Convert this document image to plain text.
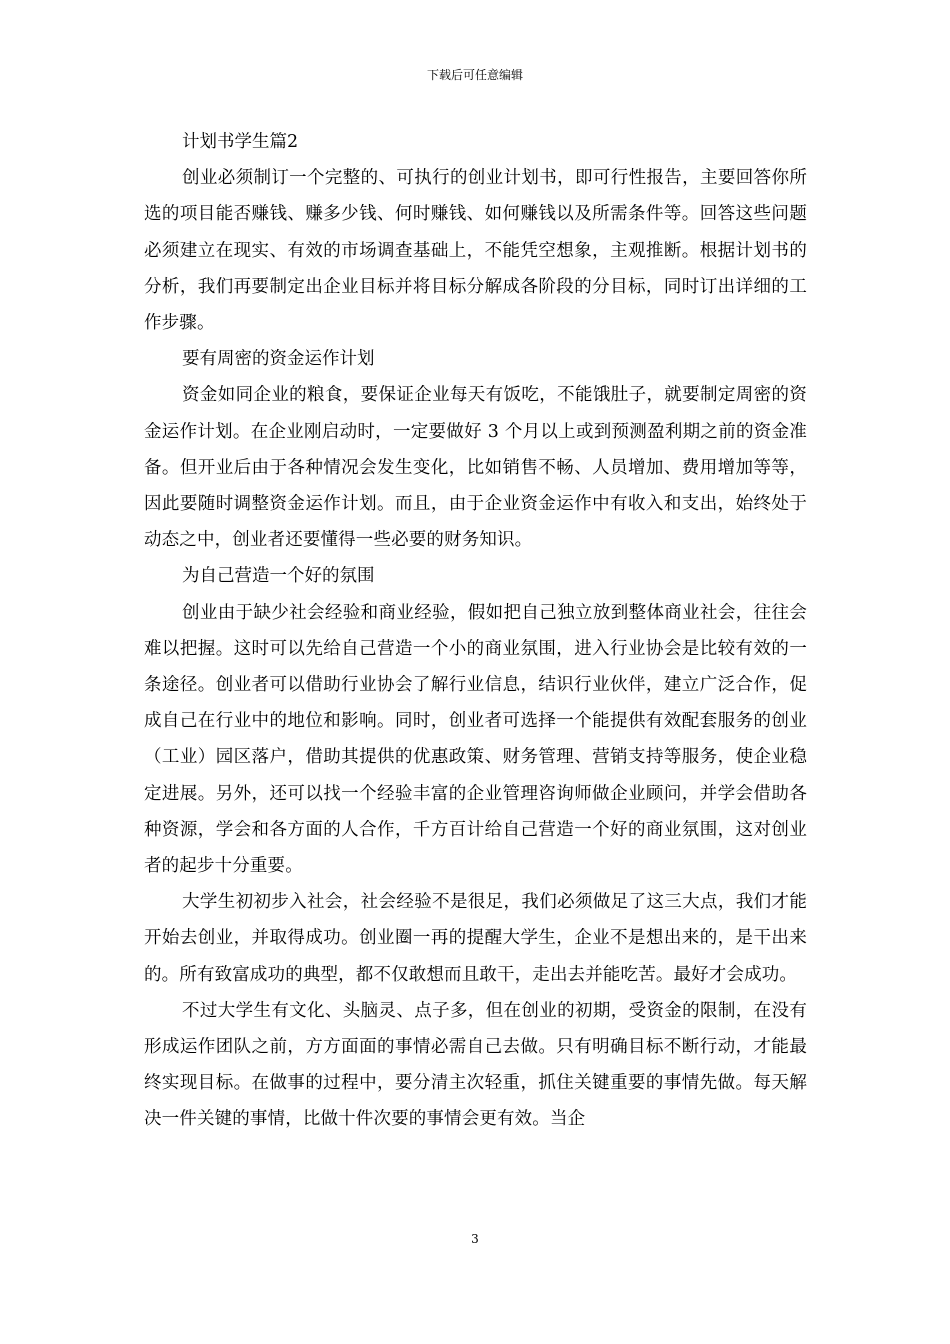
下载后可任意编辑

计划书学生篇2

创业必须制订一个完整的、可执行的创业计划书，即可行性报告，主要回答你所选的项目能否赚钱、赚多少钱、何时赚钱、如何赚钱以及所需条件等。回答这些问题必须建立在现实、有效的市场调查基础上，不能凭空想象，主观推断。根据计划书的分析，我们再要制定出企业目标并将目标分解成各阶段的分目标，同时订出详细的工作步骤。

要有周密的资金运作计划

资金如同企业的粮食，要保证企业每天有饭吃，不能饿肚子，就要制定周密的资金运作计划。在企业刚启动时，一定要做好 3 个月以上或到预测盈利期之前的资金准备。但开业后由于各种情况会发生变化，比如销售不畅、人员增加、费用增加等等，因此要随时调整资金运作计划。而且，由于企业资金运作中有收入和支出，始终处于动态之中，创业者还要懂得一些必要的财务知识。

为自己营造一个好的氛围

创业由于缺少社会经验和商业经验，假如把自己独立放到整体商业社会，往往会难以把握。这时可以先给自己营造一个小的商业氛围，进入行业协会是比较有效的一条途径。创业者可以借助行业协会了解行业信息，结识行业伙伴，建立广泛合作，促成自己在行业中的地位和影响。同时，创业者可选择一个能提供有效配套服务的创业（工业）园区落户，借助其提供的优惠政策、财务管理、营销支持等服务，使企业稳定进展。另外，还可以找一个经验丰富的企业管理咨询师做企业顾问，并学会借助各种资源，学会和各方面的人合作，千方百计给自己营造一个好的商业氛围，这对创业者的起步十分重要。

大学生初初步入社会，社会经验不是很足，我们必须做足了这三大点，我们才能开始去创业，并取得成功。创业圈一再的提醒大学生，企业不是想出来的，是干出来的。所有致富成功的典型，都不仅敢想而且敢干，走出去并能吃苦。最好才会成功。

不过大学生有文化、头脑灵、点子多，但在创业的初期，受资金的限制，在没有形成运作团队之前，方方面面的事情必需自己去做。只有明确目标不断行动，才能最终实现目标。在做事的过程中，要分清主次轻重，抓住关键重要的事情先做。每天解决一件关键的事情，比做十件次要的事情会更有效。当企

3
